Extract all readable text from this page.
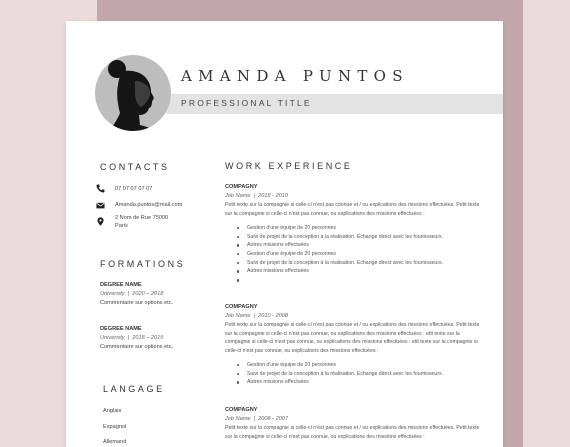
AMANDA PUNTOS
PROFESSIONAL TITLE
CONTACTS
07 07 07 07 07
Amanda.puntos@mail.com
2 Nom de Rue 75000
Paris
FORMATIONS
DEGREE NAME
University  |  2020 – 2018
Commentaire sur options etc.
DEGREE NAME
University  |  2018 – 2015
Commentaire sur options etc.
LANGAGE
Anglais
Espagnol
Allemand
WORK EXPERIENCE
COMPAGNY
Job Name  |  2018 - 2010
Petit texte sur la compagnie si celle-ci n'est pas connue et / ou explications des missions effectuées. Petit texte sur la compagnie si celle-ci n'est pas connue, ou explications des missions effectuées :
Gestion d'une équipe de 20 personnes
Suivi de projet de la conception à la réalisation. Echange direct avec les fournisseurs.
Autres missions effectuées
Gestion d'une équipe de 20 personnes
Suivi de projet de la conception à la réalisation. Echange direct avec les fournisseurs.
Autres missions effectuées
COMPAGNY
Job Name  |  2010 - 2008
Petit texte sur la compagnie si celle-ci n'est pas connue et / ou explications des missions effectuées. Petit texte sur la compagnie si celle-ci n'est pas connue, ou explications des missions effectuées : etit texte sur la compagnie si celle-ci n'est pas connue, ou explications des missions effectuées : etit texte sur la compagnie si celle-ci n'est pas connue, ou explications des missions effectuées :
Gestion d'une équipe de 20 personnes
Suivi de projet de la conception à la réalisation. Echange direct avec les fournisseurs.
Autres missions effectuées
COMPAGNY
Job Name  |  2008 - 2007
Petit texte sur la compagnie si celle-ci n'est pas connue et / ou explications des missions effectuées. Petit texte sur la compagnie si celle-ci n'est pas connue, ou explications des missions effectuées :
